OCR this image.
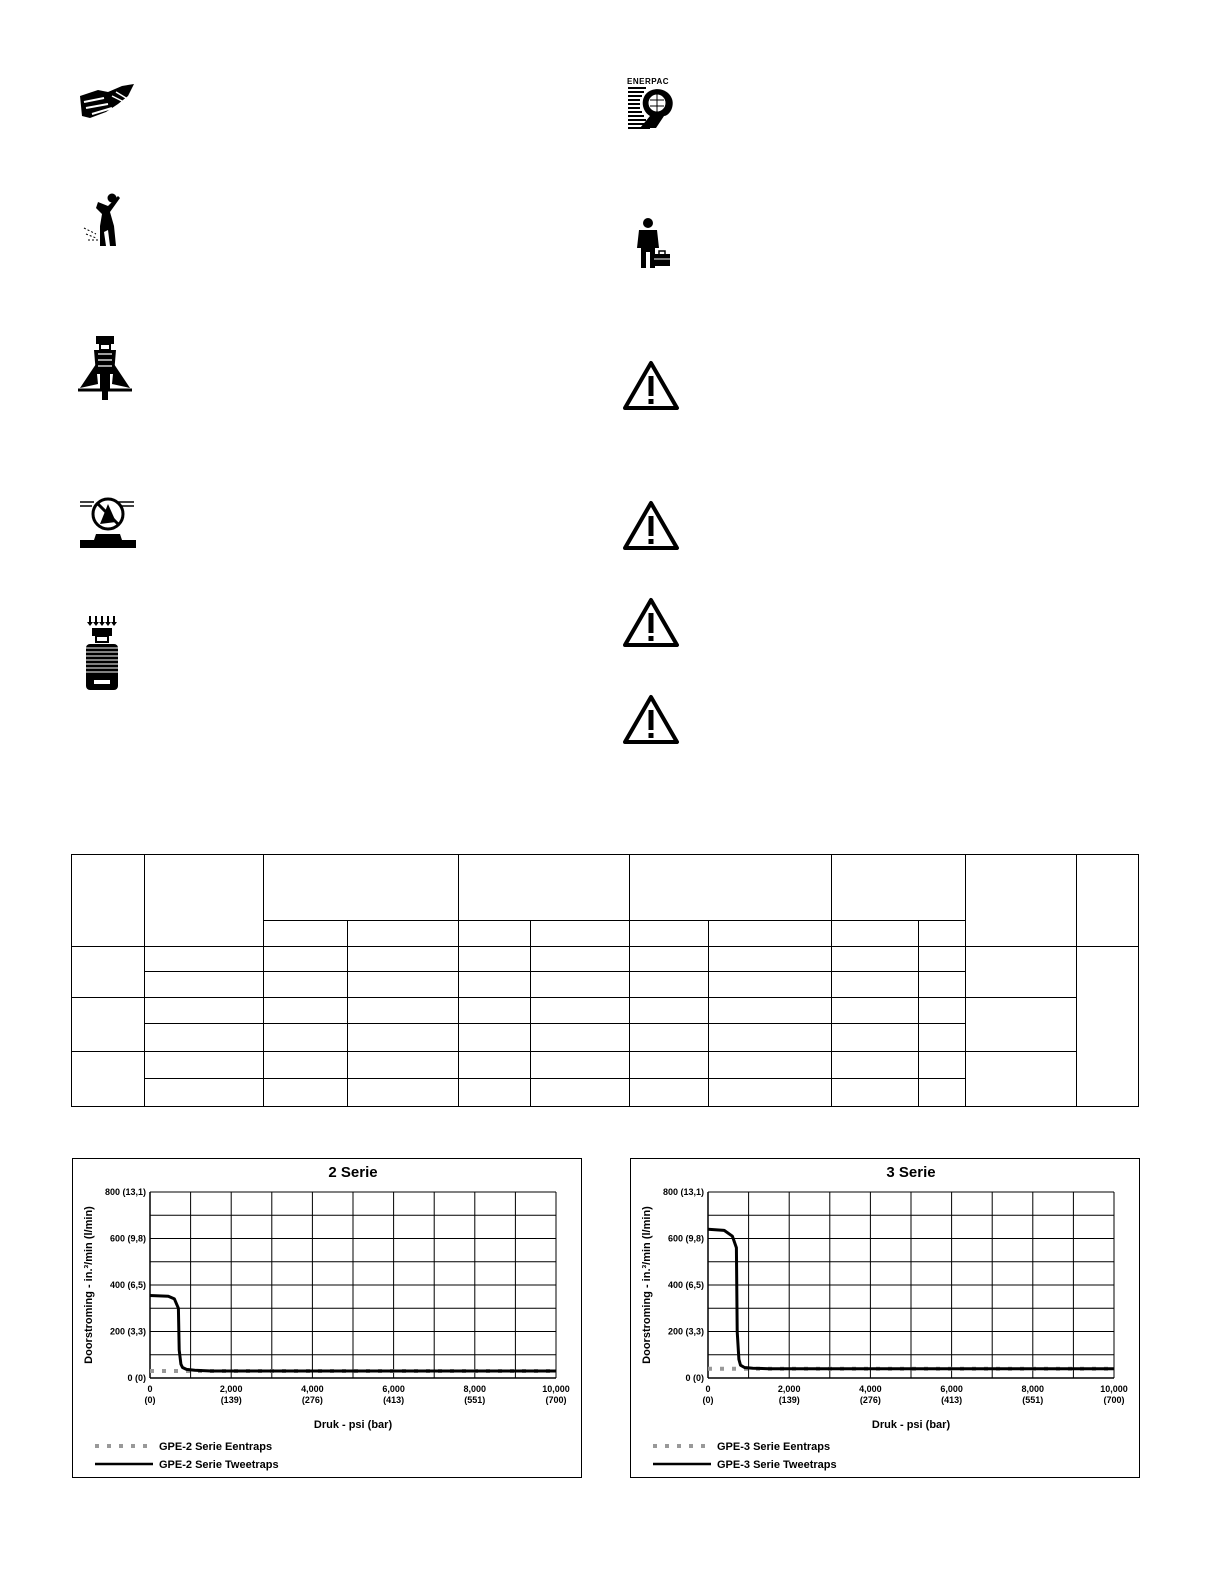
ENERPAC
2 Serie
0 (0)
200 (3,3)
400 (6,5)
600 (9,8)
800 (13,1)
0
(0)
2,000
(139)
4,000
(276)
6,000
(413)
8,000
(551)
10,000
(700)
Druk - psi (bar)
Doorstroming - in.³/min (l/min)
GPE-2 Serie Eentraps
GPE-2 Serie Tweetraps
3 Serie
0 (0)
200 (3,3)
400 (6,5)
600 (9,8)
800 (13,1)
0
(0)
2,000
(139)
4,000
(276)
6,000
(413)
8,000
(551)
10,000
(700)
Druk - psi (bar)
Doorstroming - in.³/min (l/min)
GPE-3 Serie Eentraps
GPE-3 Serie Tweetraps
